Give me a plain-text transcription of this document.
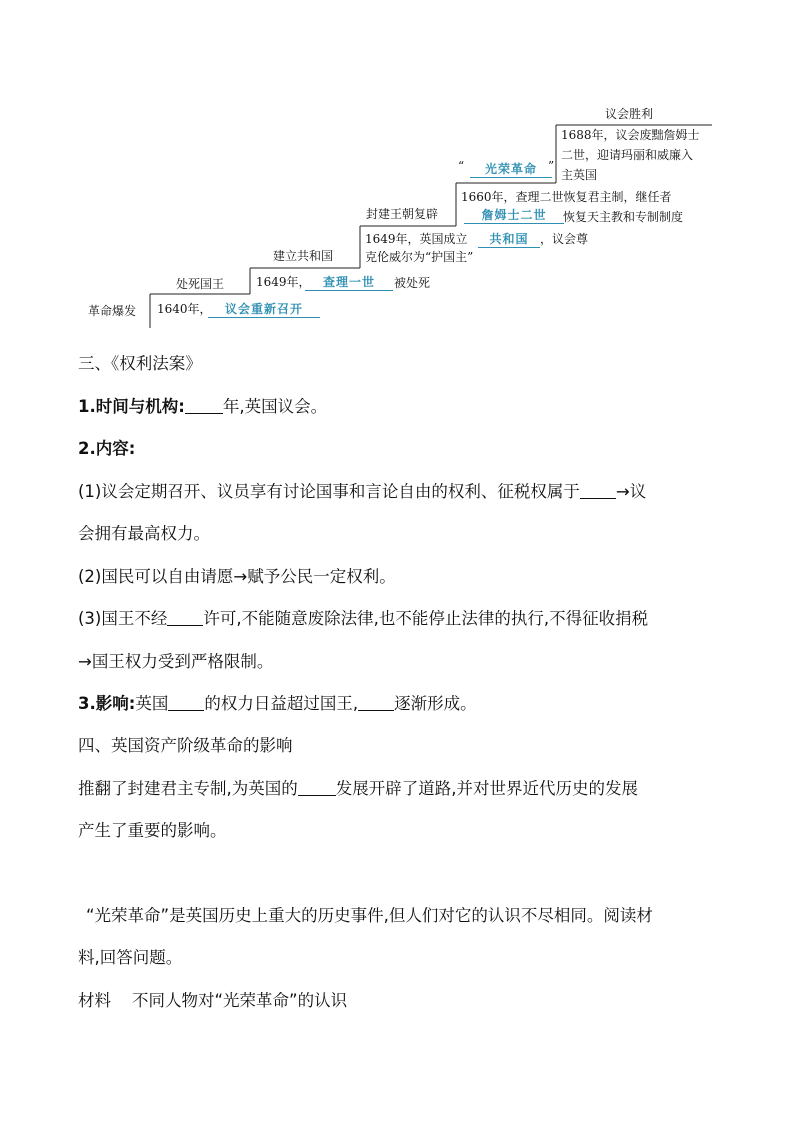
革命爆发 1640年，	议会重新召开
处死国王	1649年，	查理一世	被处死
建立共和国
1649年，英国成立	共和国 ，议会尊
克伦威尔为“护国主”
封建王朝复辟
1660年，查理二世恢复君主制，继任者
詹姆士二世	恢复天主教和专制制度
“	光荣革命 ”
议会胜利
1688年，议会废黜詹姆士
二世，迎请玛丽和威廉入
主英国
三、《权利法案》
1.时间与机构: 年,英国议会。
2.内容:
(1)议会定期召开、议员享有讨论国事和言论自由的权利、征税权属于 →议
会拥有最高权力。
(2)国民可以自由请愿→赋予公民一定权利。
(3)国王不经 许可,不能随意废除法律,也不能停止法律的执行,不得征收捐税
→国王权力受到严格限制。
3.影响:英国 的权力日益超过国王, 逐渐形成。
四、英国资产阶级革命的影响
推翻了封建君主专制,为英国的 发展开辟了道路,并对世界近代历史的发展
产生了重要的影响。
“光荣革命”是英国历史上重大的历史事件,但人们对它的认识不尽相同。阅读材
料,回答问题。
材料    不同人物对“光荣革命”的认识
